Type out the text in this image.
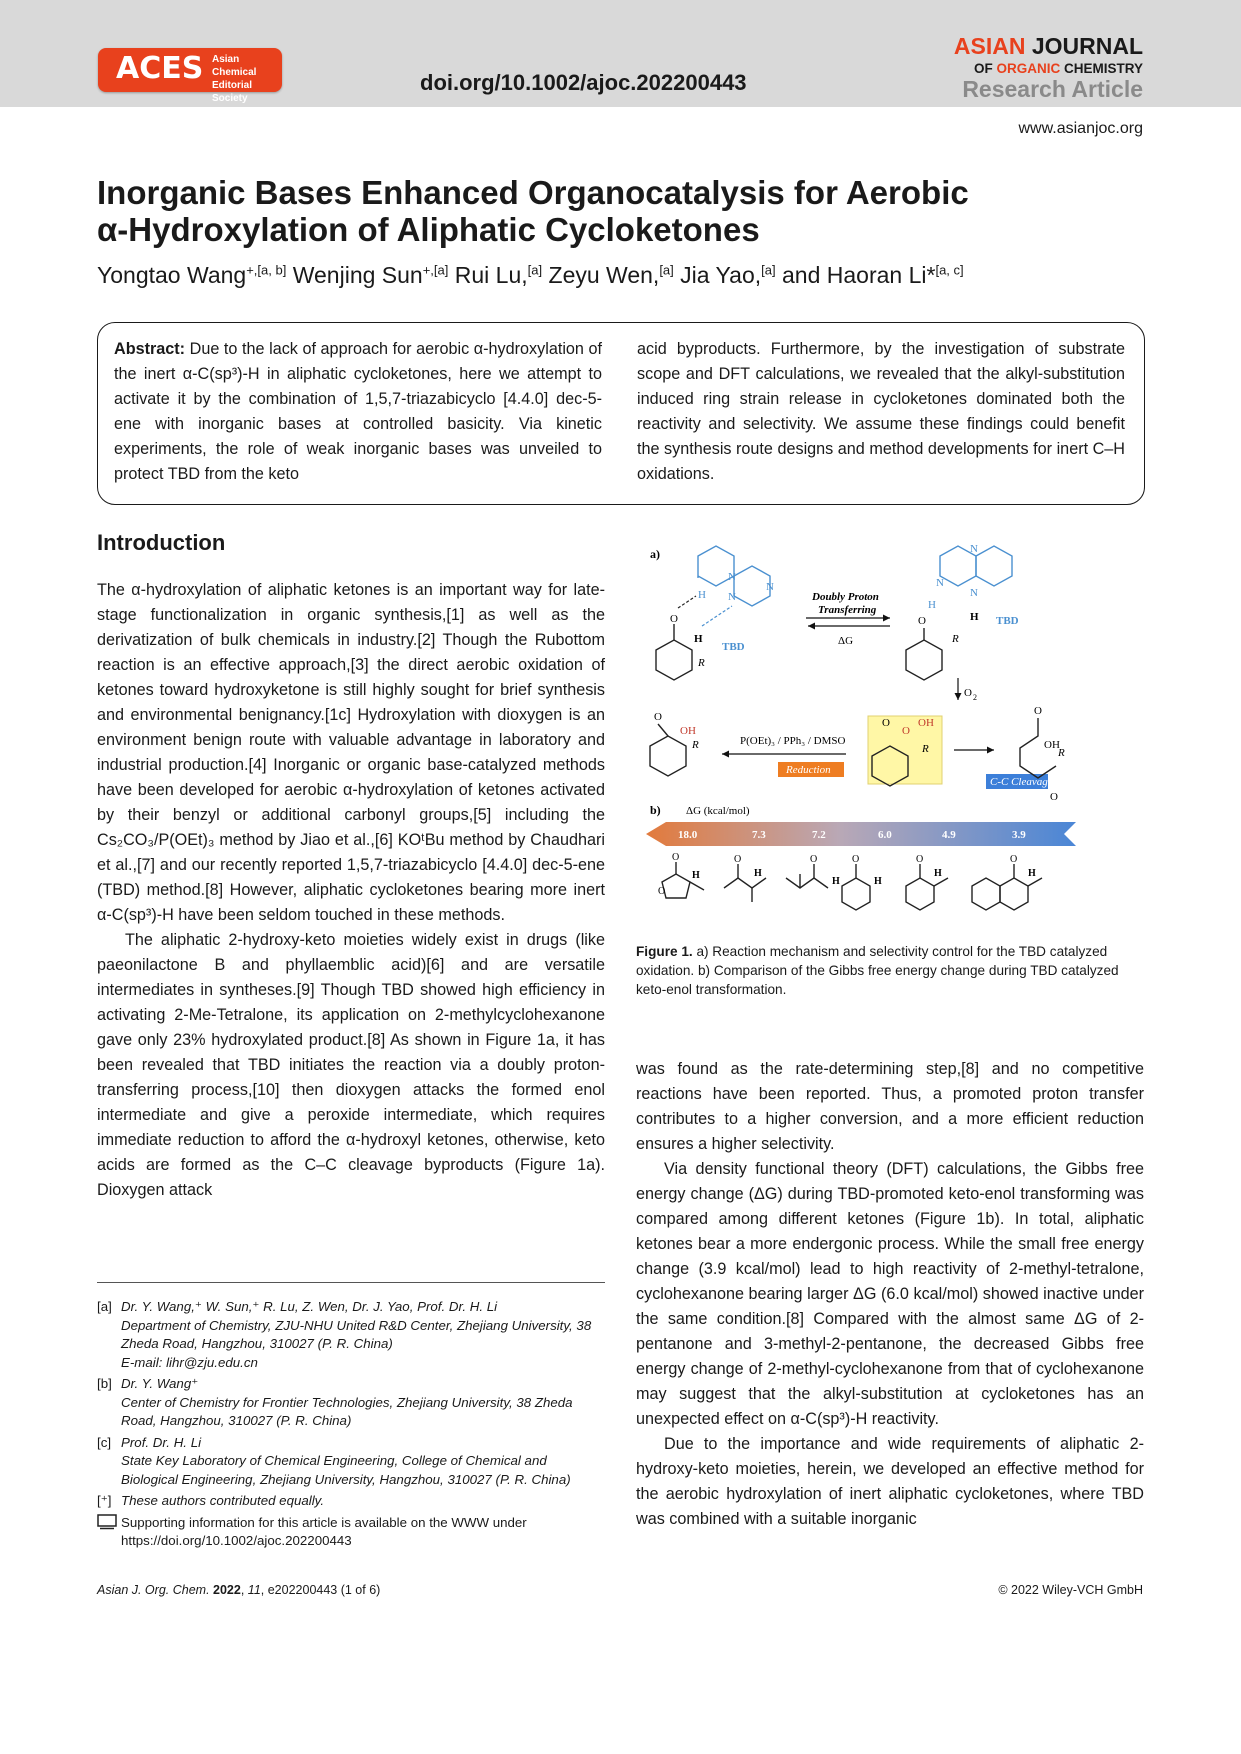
ACES Asian Chemical
Editorial Society
doi.org/10.1002/ajoc.202200443
ASIAN JOURNAL
OF ORGANIC CHEMISTRY
Research Article
www.asianjoc.org
Inorganic Bases Enhanced Organocatalysis for Aerobic
α-Hydroxylation of Aliphatic Cycloketones
Yongtao Wang$^{+,[a, b]}$ Wenjing Sun$^{+,[a]}$ Rui Lu,[a] Zeyu Wen,[a] Jia Yao,[a] and Haoran Li*[a, c]
Abstract: Due to the lack of approach for aerobic α-hydroxylation of the inert α-C(sp³)-H in aliphatic cycloketones, here we attempt to activate it by the combination of 1,5,7-triazabicyclo [4.4.0] dec-5-ene with inorganic bases at controlled basicity. Via kinetic experiments, the role of weak inorganic bases was unveiled to protect TBD from the keto
acid byproducts. Furthermore, by the investigation of substrate scope and DFT calculations, we revealed that the alkyl-substitution induced ring strain release in cycloketones dominated both the reactivity and selectivity. We assume these findings could benefit the synthesis route designs and method developments for inert C–H oxidations.
Introduction

The α-hydroxylation of aliphatic ketones is an important way for late-stage functionalization in organic synthesis,[1] as well as the derivatization of bulk chemicals in industry.[2] Though the Rubottom reaction is an effective approach,[3] the direct aerobic oxidation of ketones toward hydroxyketone is still highly sought for brief synthesis and environmental benignancy.[1c] Hydroxylation with dioxygen is an environment benign route with valuable advantage in laboratory and industrial production.[4] Inorganic or organic base-catalyzed methods have been developed for aerobic α-hydroxylation of ketones activated by their benzyl or additional carbonyl groups,[5] including the Cs₂CO₃/P(OEt)₃ method by Jiao et al.,[6] KOᵗBu method by Chaudhari et al.,[7] and our recently reported 1,5,7-triazabicyclo [4.4.0] dec-5-ene (TBD) method.[8] However, aliphatic cycloketones bearing more inert α-C(sp³)-H have been seldom touched in these methods.

The aliphatic 2-hydroxy-keto moieties widely exist in drugs (like paeonilactone B and phyllaemblic acid)[6] and are versatile intermediates in syntheses.[9] Though TBD showed high efficiency in activating 2-Me-Tetralone, its application on 2-methylcyclohexanone gave only 23% hydroxylated product.[8] As shown in Figure 1a, it has been revealed that TBD initiates the reaction via a doubly proton-transferring process,[10] then dioxygen attacks the formed enol intermediate and give a peroxide intermediate, which requires immediate reduction to afford the α-hydroxyl ketones, otherwise, keto acids are formed as the C–C cleavage byproducts (Figure 1a). Dioxygen attack

[a] Dr. Y. Wang,⁺ W. Sun,⁺ R. Lu, Z. Wen, Dr. J. Yao, Prof. Dr. H. Li
Department of Chemistry, ZJU-NHU United R&D Center, Zhejiang University, 38 Zheda Road, Hangzhou, 310027 (P. R. China)
E-mail: lihr@zju.edu.cn
[b] Dr. Y. Wang⁺
Center of Chemistry for Frontier Technologies, Zhejiang University, 38 Zheda Road, Hangzhou, 310027 (P. R. China)
[c] Prof. Dr. H. Li
State Key Laboratory of Chemical Engineering, College of Chemical and Biological Engineering, Zhejiang University, Hangzhou, 310027 (P. R. China)
[⁺] These authors contributed equally.
Supporting information for this article is available on the WWW under https://doi.org/10.1002/ajoc.202200443
a)
N
N
N
H
O
H
R
TBD
Doubly Proton
Transferring
ΔG
N
N
N
H
H TBD
O
R
O 2
O
OH
R	P(OEt)₃ / PPh₃ / DMSO
Reduction
O
O
OH
R
C-C Cleavage
O
OH
R
O
b) ΔG (kcal/mol)
18.0	7.3	7.2	6.0	4.9	3.9
O	O	O	O	O	O
O
H	H
H	H
H	H
Figure 1. a) Reaction mechanism and selectivity control for the TBD catalyzed oxidation. b) Comparison of the Gibbs free energy change during TBD catalyzed keto-enol transformation.

was found as the rate-determining step,[8] and no competitive reactions have been reported. Thus, a promoted proton transfer contributes to a higher conversion, and a more efficient reduction ensures a higher selectivity.

Via density functional theory (DFT) calculations, the Gibbs free energy change (ΔG) during TBD-promoted keto-enol transforming was compared among different ketones (Figure 1b). In total, aliphatic ketones bear a more endergonic process. While the small free energy change (3.9 kcal/mol) lead to high reactivity of 2-methyl-tetralone, cyclohexanone bearing larger ΔG (6.0 kcal/mol) showed inactive under the same condition.[8] Compared with the almost same ΔG of 2-pentanone and 3-methyl-2-pentanone, the decreased Gibbs free energy change of 2-methyl-cyclohexanone from that of cyclohexanone may suggest that the alkyl-substitution at cycloketones has an unexpected effect on α-C(sp³)-H reactivity.

Due to the importance and wide requirements of aliphatic 2-hydroxy-keto moieties, herein, we developed an effective method for the aerobic hydroxylation of inert aliphatic cycloketones, where TBD was combined with a suitable inorganic

Asian J. Org. Chem. 2022, 11, e202200443 (1 of 6)	© 2022 Wiley-VCH GmbH
